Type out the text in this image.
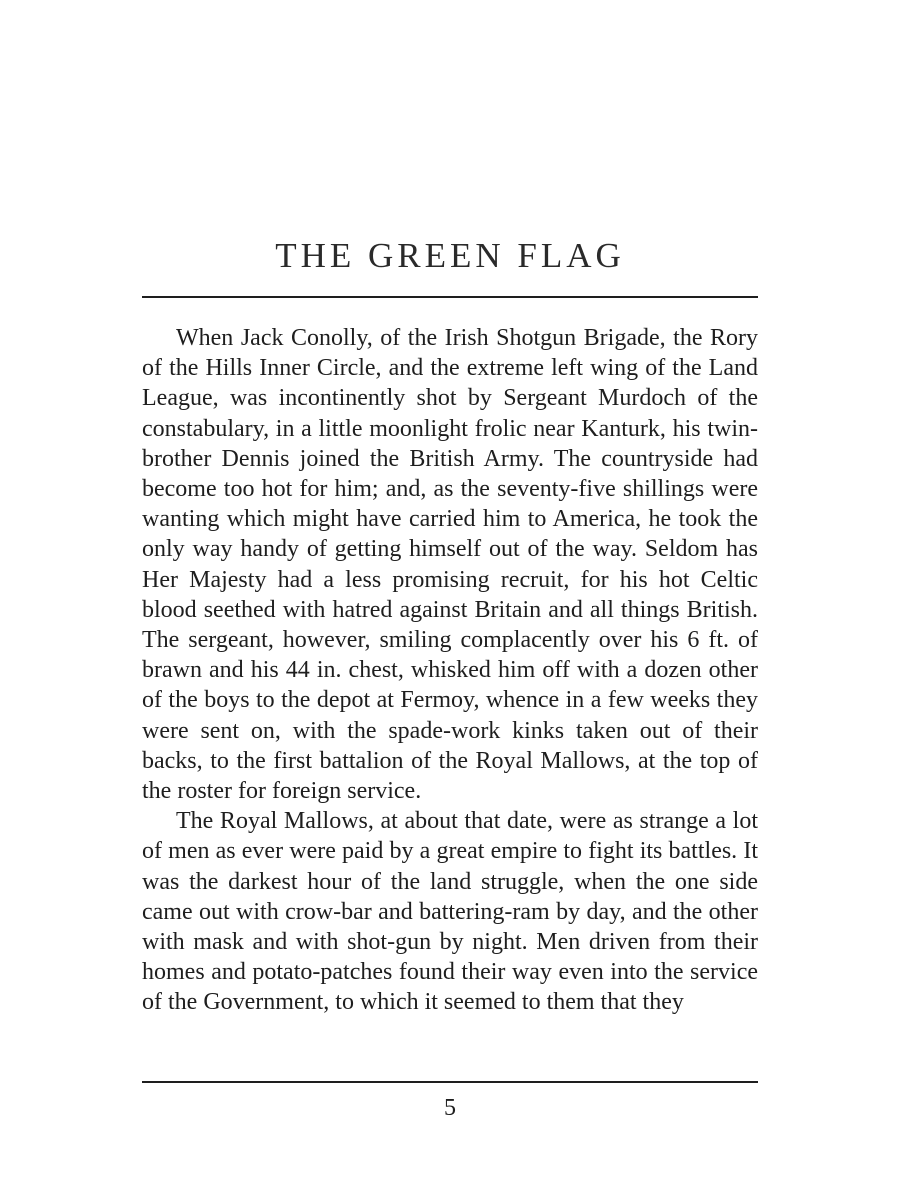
THE GREEN FLAG

When Jack Conolly, of the Irish Shotgun Brigade, the Rory of the Hills Inner Circle, and the extreme left wing of the Land League, was incontinently shot by Sergeant Murdoch of the constabulary, in a little moonlight frolic near Kanturk, his twin-brother Dennis joined the British Army. The countryside had become too hot for him; and, as the seventy-five shillings were wanting which might have carried him to America, he took the only way handy of getting himself out of the way. Seldom has Her Majesty had a less promising recruit, for his hot Celtic blood seethed with hatred against Britain and all things British. The sergeant, however, smiling complacently over his 6 ft. of brawn and his 44 in. chest, whisked him off with a dozen other of the boys to the depot at Fermoy, whence in a few weeks they were sent on, with the spade-work kinks taken out of their backs, to the first battalion of the Royal Mallows, at the top of the roster for foreign service.

The Royal Mallows, at about that date, were as strange a lot of men as ever were paid by a great empire to fight its battles. It was the darkest hour of the land struggle, when the one side came out with crow-bar and battering-ram by day, and the other with mask and with shot-gun by night. Men driven from their homes and potato-patches found their way even into the service of the Government, to which it seemed to them that they

5
